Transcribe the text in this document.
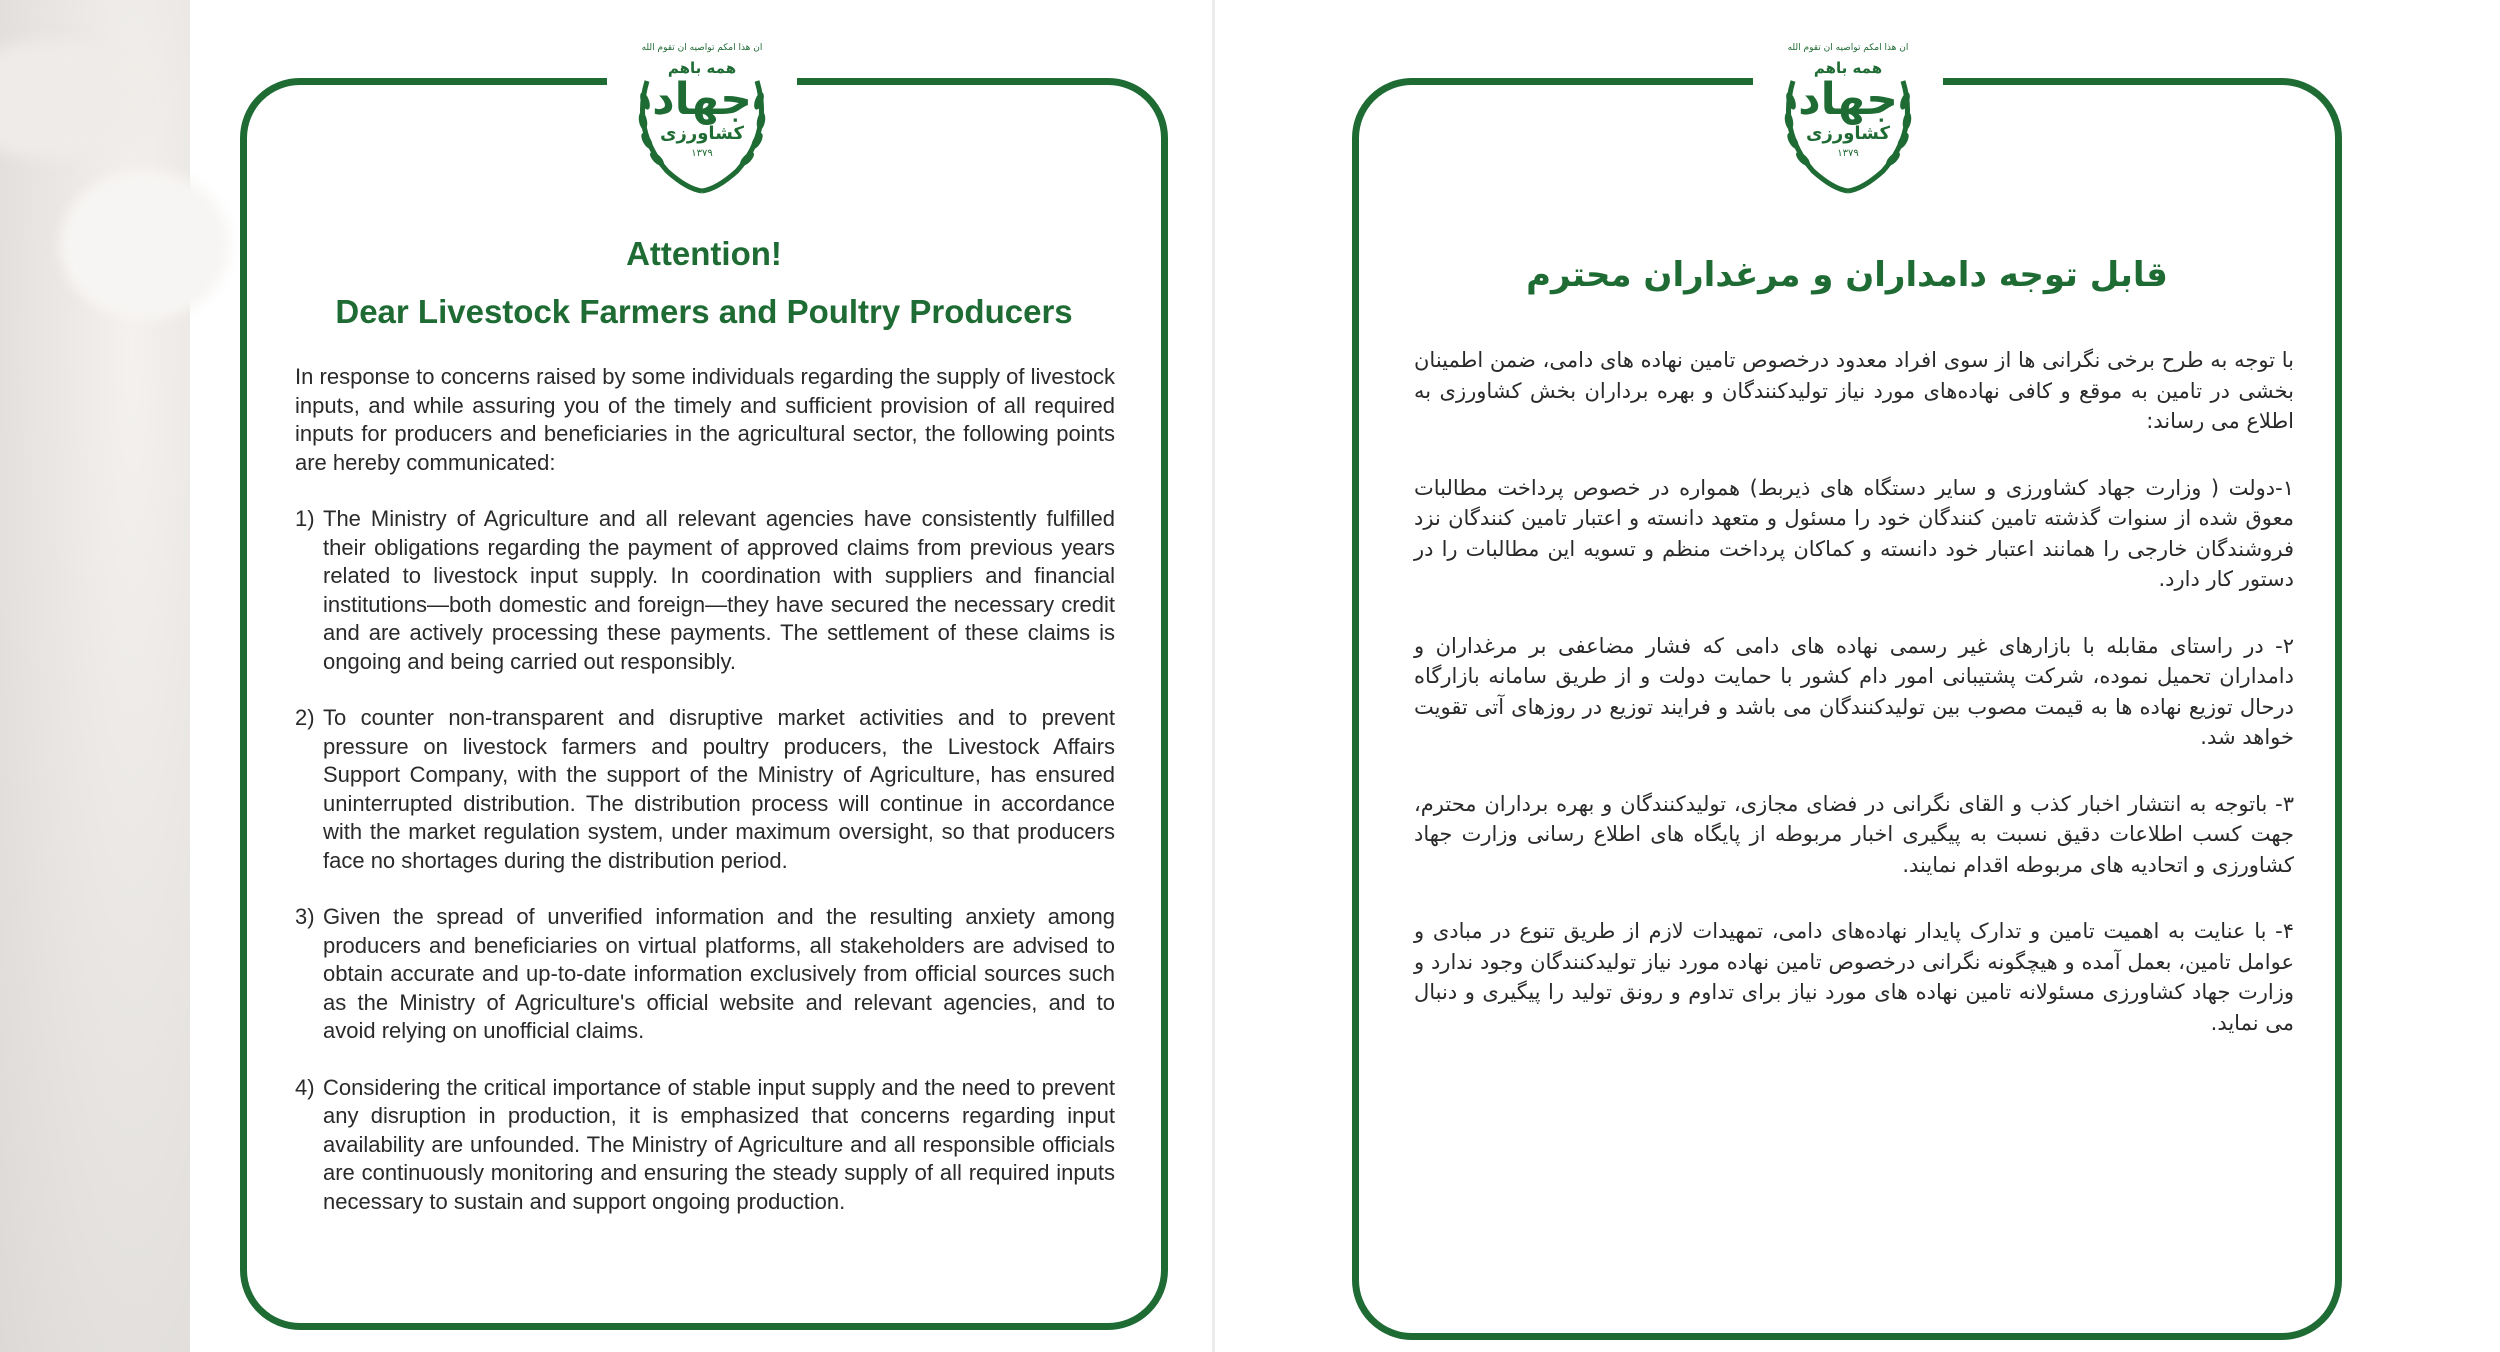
ان هذا امکم تواصیه ان تقوم الله
همه باهم
جهاد
کشاورزی
۱۳۷۹
Attention!
Dear Livestock Farmers and Poultry Producers

In response to concerns raised by some individuals regarding the supply of livestock inputs, and while assuring you of the timely and sufficient provision of all required inputs for producers and beneficiaries in the agricultural sector, the following points are hereby communicated:

1) The Ministry of Agriculture and all relevant agencies have consistently fulfilled their obligations regarding the payment of approved claims from previous years related to livestock input supply. In coordination with suppliers and financial institutions—both domestic and foreign—they have secured the necessary credit and are actively processing these payments. The settlement of these claims is ongoing and being carried out responsibly.
2) To counter non-transparent and disruptive market activities and to prevent pressure on livestock farmers and poultry producers, the Livestock Affairs Support Company, with the support of the Ministry of Agriculture, has ensured uninterrupted distribution. The distribution process will continue in accordance with the market regulation system, under maximum oversight, so that producers face no shortages during the distribution period.
3) Given the spread of unverified information and the resulting anxiety among producers and beneficiaries on virtual platforms, all stakeholders are advised to obtain accurate and up-to-date information exclusively from official sources such as the Ministry of Agriculture's official website and relevant agencies, and to avoid relying on unofficial claims.
4) Considering the critical importance of stable input supply and the need to prevent any disruption in production, it is emphasized that concerns regarding input availability are unfounded. The Ministry of Agriculture and all responsible officials are continuously monitoring and ensuring the steady supply of all required inputs necessary to sustain and support ongoing production.
ان هذا امکم تواصیه ان تقوم الله
همه باهم
جهاد
کشاورزی
۱۳۷۹
قابل توجه دامداران و مرغداران محترم

با توجه به طرح برخی نگرانی ها از سوی افراد معدود درخصوص تامین نهاده های دامی، ضمن اطمینان بخشی در تامین به موقع و کافی نهاده‌های مورد نیاز تولیدکنندگان و بهره برداران بخش کشاورزی به اطلاع می رساند:

۱-دولت ( وزارت جهاد کشاورزی و سایر دستگاه های ذیربط) همواره در خصوص پرداخت مطالبات معوق شده از سنوات گذشته تامین کنندگان خود را مسئول و متعهد دانسته و اعتبار تامین کنندگان نزد فروشندگان خارجی را همانند اعتبار خود دانسته و کماکان پرداخت منظم و تسویه این مطالبات را در دستور کار دارد.

۲- در راستای مقابله با بازارهای غیر رسمی نهاده های دامی که فشار مضاعفی بر مرغداران و دامداران تحمیل نموده، شرکت پشتیبانی امور دام کشور با حمایت دولت و از طریق سامانه بازارگاه درحال توزیع نهاده ها به قیمت مصوب بین تولیدکنندگان می باشد و فرایند توزیع در روزهای آتی تقویت خواهد شد.

۳- باتوجه به انتشار اخبار کذب و القای نگرانی در فضای مجازی، تولیدکنندگان و بهره برداران محترم، جهت کسب اطلاعات دقیق نسبت به پیگیری اخبار مربوطه از پایگاه های اطلاع رسانی وزارت جهاد کشاورزی و اتحادیه های مربوطه اقدام نمایند.

۴- با عنایت به اهمیت تامین و تدارک پایدار نهاده‌های دامی، تمهیدات لازم از طریق تنوع در مبادی و عوامل تامین، بعمل آمده و هیچگونه نگرانی درخصوص تامین نهاده مورد نیاز تولیدکنندگان وجود ندارد و وزارت جهاد کشاورزی مسئولانه تامین نهاده های مورد نیاز برای تداوم و رونق تولید را پیگیری و دنبال می نماید.
